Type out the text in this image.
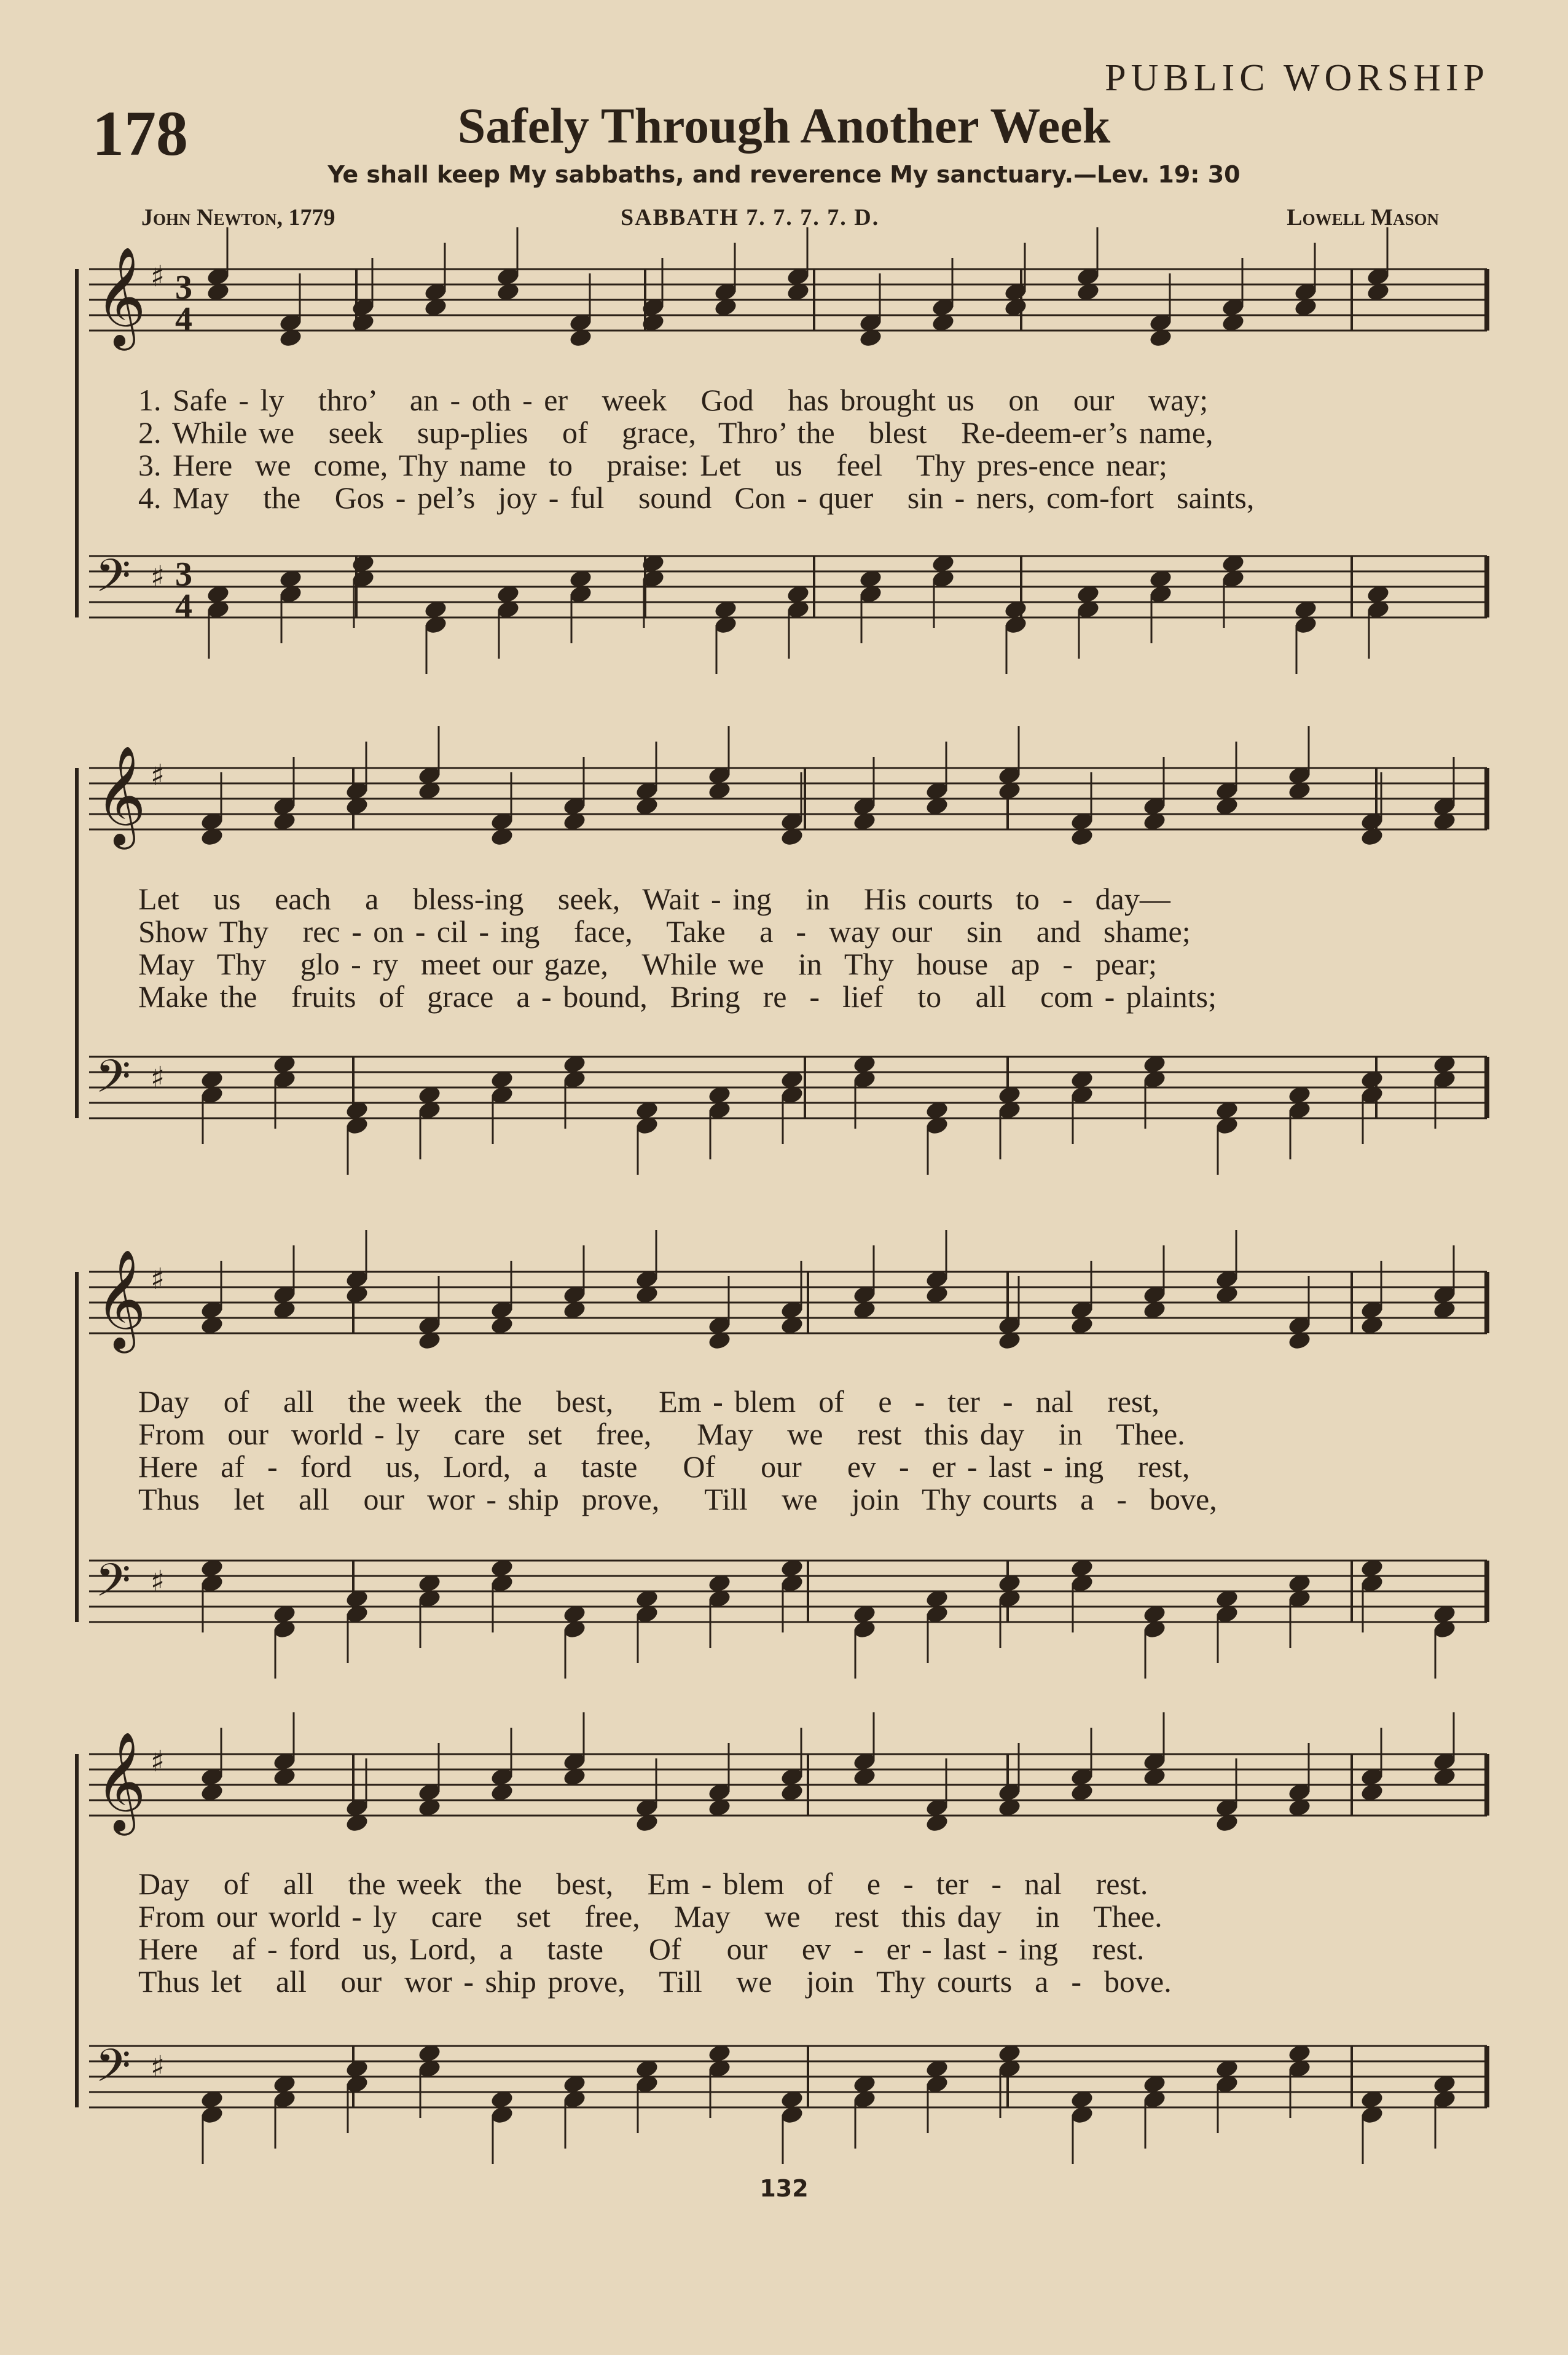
PUBLIC WORSHIP
178	Safely Through Another Week
Ye shall keep My sabbaths, and reverence My sanctuary.—Lev. 19: 30
John Newton, 1779	SABBATH 7. 7. 7. 7. D.	Lowell Mason
𝄞 ♯ 3
4
𝄢 ♯ 3
4
𝄞 ♯
𝄢 ♯
𝄞 ♯
𝄢 ♯
𝄞 ♯
𝄢 ♯
1. Safe - ly   thro’   an - oth - er   week   God   has brought us   on   our   way;
2. While we   seek   sup-plies   of   grace,  Thro’ the   blest   Re-deem-er’s name,
3. Here  we  come, Thy name  to   praise: Let   us   feel   Thy pres-ence near;
4. May   the   Gos - pel’s  joy - ful   sound  Con - quer   sin - ners, com-fort  saints,
Let   us   each   a   bless-ing   seek,  Wait - ing   in   His courts  to  -  day—
Show Thy   rec - on - cil - ing   face,   Take   a  -  way our   sin   and  shame;
May  Thy   glo - ry  meet our gaze,   While we   in  Thy  house  ap  -  pear;
Make the   fruits  of  grace  a - bound,  Bring  re  -  lief   to   all   com - plaints;
Day   of   all   the week  the   best,    Em - blem  of   e  -  ter  -  nal   rest,
From  our  world - ly   care  set   free,    May   we   rest  this day   in   Thee.
Here  af  -  ford   us,  Lord,  a   taste    Of    our    ev  -  er - last - ing   rest,
Thus   let   all   our  wor - ship  prove,    Till   we   join  Thy courts  a  -  bove,
Day   of   all   the week  the   best,   Em - blem  of   e  -  ter  -  nal   rest.
From our world - ly   care   set   free,   May   we   rest  this day   in   Thee.
Here   af - ford  us, Lord,  a   taste    Of    our   ev  -  er - last - ing   rest.
Thus let   all   our  wor - ship prove,   Till   we   join  Thy courts  a  -  bove.
132
